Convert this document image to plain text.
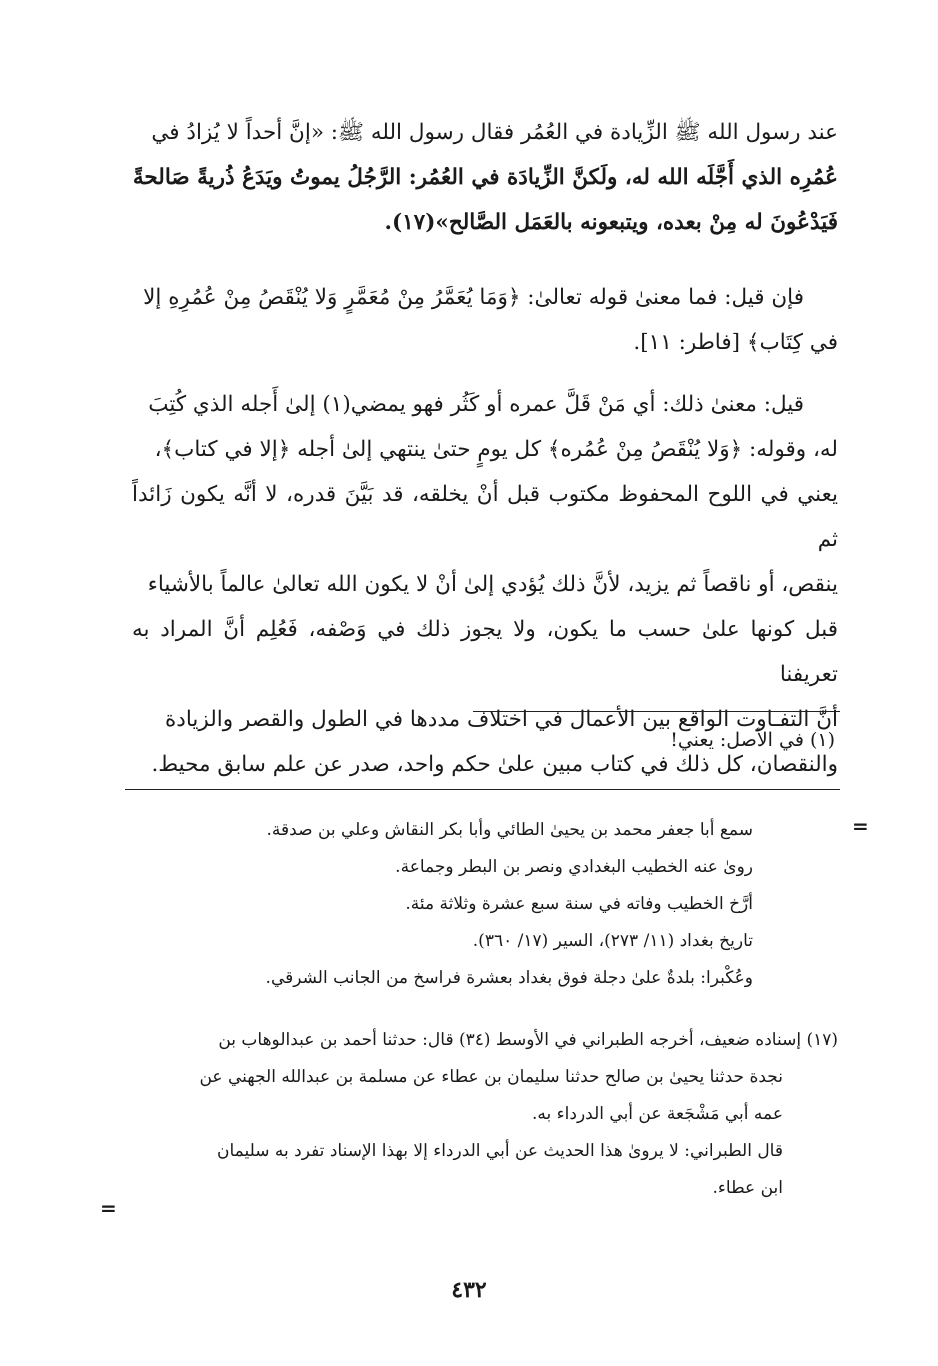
عند رسول الله ﷺ الزِّيادة في العُمُر فقال رسول الله ﷺ: «إنَّ أحداً لا يُزادُ في
عُمُرِه الذي أَجَّلَه الله له، ولَكنَّ الزِّيادَة في العُمُر: الرَّجُلُ يموتُ ويَدَعُ ذُريةً صَالحةً
فَيَدْعُونَ له مِنْ بعده، ويتبعونه بالعَمَل الصَّالح»(١٧).

فإن قيل: فما معنىٰ قوله تعالىٰ: ﴿وَمَا يُعَمَّرُ مِنْ مُعَمَّرٍ وَلا يُنْقَصُ مِنْ عُمُرِهِ إلا
في كِتَاب﴾ [فاطر: ١١].

قيل: معنىٰ ذلك: أي مَنْ قَلَّ عمره أو كَثُر فهو يمضي(١) إلىٰ أَجله الذي كُتِبَ
له، وقوله: ﴿وَلا يُنْقَصُ مِنْ عُمُره﴾ كل يومٍ حتىٰ ينتهي إلىٰ أجله ﴿إلا في كتاب﴾،
يعني في اللوح المحفوظ مكتوب قبل أنْ يخلقه، قد بَيَّنَ قدره، لا أنَّه يكون زَائداً ثم
ينقص، أو ناقصاً ثم يزيد، لأنَّ ذلك يُؤدي إلىٰ أنْ لا يكون الله تعالىٰ عالماً بالأشياء
قبل كونها علىٰ حسب ما يكون، ولا يجوز ذلك في وَصْفه، فَعُلِم أنَّ المراد به تعريفنا
أنَّ التفـاوت الواقع بين الأعمال في اختلاف مددها في الطول والقصر والزيادة
والنقصان، كل ذلك في كتاب مبين علىٰ حكم واحد، صدر عن علم سابق محيط.

(١) في الأصل: يعني!
=
سمع أبا جعفر محمد بن يحيىٰ الطائي وأبا بكر النقاش وعلي بن صدقة.
روىٰ عنه الخطيب البغدادي ونصر بن البطر وجماعة.
أرَّخ الخطيب وفاته في سنة سبع عشرة وثلاثة مئة.
تاريخ بغداد (١١/ ٢٧٣)، السير (١٧/ ٣٦٠).
وعُكْبرا: بلدةٌ علىٰ دجلة فوق بغداد بعشرة فراسخ من الجانب الشرقي.
(١٧) إسناده ضعيف، أخرجه الطبراني في الأوسط (٣٤) قال: حدثنا أحمد بن عبدالوهاب بن
نجدة حدثنا يحيىٰ بن صالح حدثنا سليمان بن عطاء عن مسلمة بن عبدالله الجهني عن
عمه أبي مَشْجَعة عن أبي الدرداء به.
قال الطبراني: لا يروىٰ هذا الحديث عن أبي الدرداء إلا بهذا الإسناد تفرد به سليمان
ابن عطاء.
=
٤٣٢
